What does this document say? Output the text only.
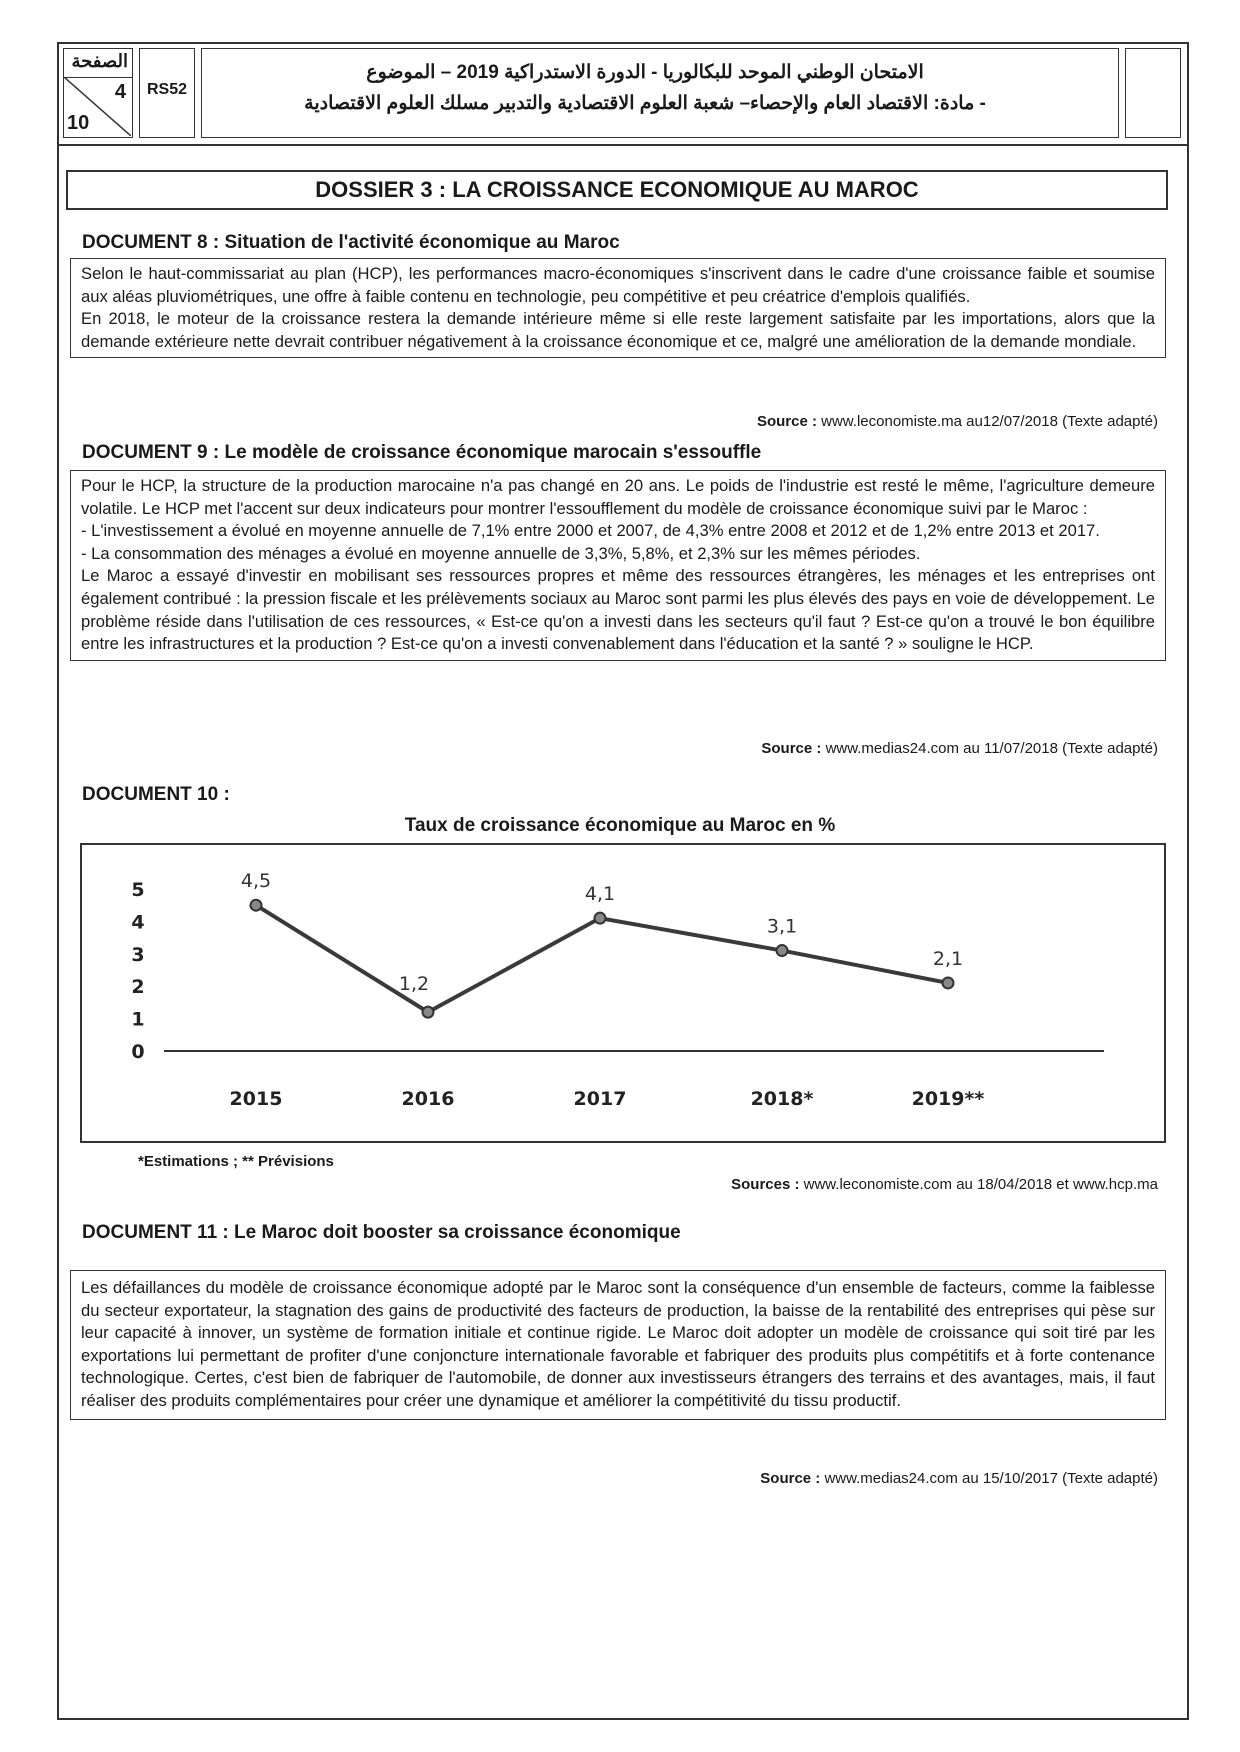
الصفحة
4
10
RS52
الامتحان الوطني الموحد للبكالوريا - الدورة الاستدراكية 2019 – الموضوع
- مادة: الاقتصاد العام والإحصاء– شعبة العلوم الاقتصادية والتدبير مسلك العلوم الاقتصادية
DOSSIER 3 : LA CROISSANCE ECONOMIQUE AU MAROC
DOCUMENT 8 : Situation de l'activité économique au Maroc

Selon le haut-commissariat au plan (HCP), les performances macro-économiques s'inscrivent dans le cadre d'une croissance faible et soumise aux aléas pluviométriques, une offre à faible contenu en technologie, peu compétitive et peu créatrice d'emplois qualifiés.

En 2018, le moteur de la croissance restera la demande intérieure même si elle reste largement satisfaite par les importations, alors que la demande extérieure nette devrait contribuer négativement à la croissance économique et ce, malgré une amélioration de la demande mondiale.

Source : www.leconomiste.ma au12/07/2018 (Texte adapté)
DOCUMENT 9 : Le modèle de croissance économique marocain s'essouffle

Pour le HCP, la structure de la production marocaine n'a pas changé en 20 ans. Le poids de l'industrie est resté le même, l'agriculture demeure volatile. Le HCP met l'accent sur deux indicateurs pour montrer l'essoufflement du modèle de croissance économique suivi par le Maroc :

- L'investissement a évolué en moyenne annuelle de 7,1% entre 2000 et 2007, de 4,3% entre 2008 et 2012 et de 1,2% entre 2013 et 2017.

- La consommation des ménages a évolué en moyenne annuelle de 3,3%, 5,8%, et 2,3% sur les mêmes périodes.

Le Maroc a essayé d'investir en mobilisant ses ressources propres et même des ressources étrangères, les ménages et les entreprises ont également contribué : la pression fiscale et les prélèvements sociaux au Maroc sont parmi les plus élevés des pays en voie de développement. Le problème réside dans l'utilisation de ces ressources, « Est-ce qu'on a investi dans les secteurs qu'il faut ? Est-ce qu'on a trouvé le bon équilibre entre les infrastructures et la production ? Est-ce qu'on a investi convenablement dans l'éducation et la santé ? » souligne le HCP.

Source : www.medias24.com au 11/07/2018 (Texte adapté)
DOCUMENT 10 :
Taux de croissance économique au Maroc en %
0
1
2
3
4
5	4,5
2015
1,2
2016
4,1
2017
3,1
2018*
2,1
2019**
*Estimations ; ** Prévisions
Sources : www.leconomiste.com au 18/04/2018 et www.hcp.ma
DOCUMENT 11 : Le Maroc doit booster sa croissance économique

Les défaillances du modèle de croissance économique adopté par le Maroc sont la conséquence d'un ensemble de facteurs, comme la faiblesse du secteur exportateur, la stagnation des gains de productivité des facteurs de production, la baisse de la rentabilité des entreprises qui pèse sur leur capacité à innover, un système de formation initiale et continue rigide. Le Maroc doit adopter un modèle de croissance qui soit tiré par les exportations lui permettant de profiter d'une conjoncture internationale favorable et fabriquer des produits plus compétitifs et à forte contenance technologique. Certes, c'est bien de fabriquer de l'automobile, de donner aux investisseurs étrangers des terrains et des avantages, mais, il faut réaliser des produits complémentaires pour créer une dynamique et améliorer la compétitivité du tissu productif.

Source : www.medias24.com au 15/10/2017 (Texte adapté)
